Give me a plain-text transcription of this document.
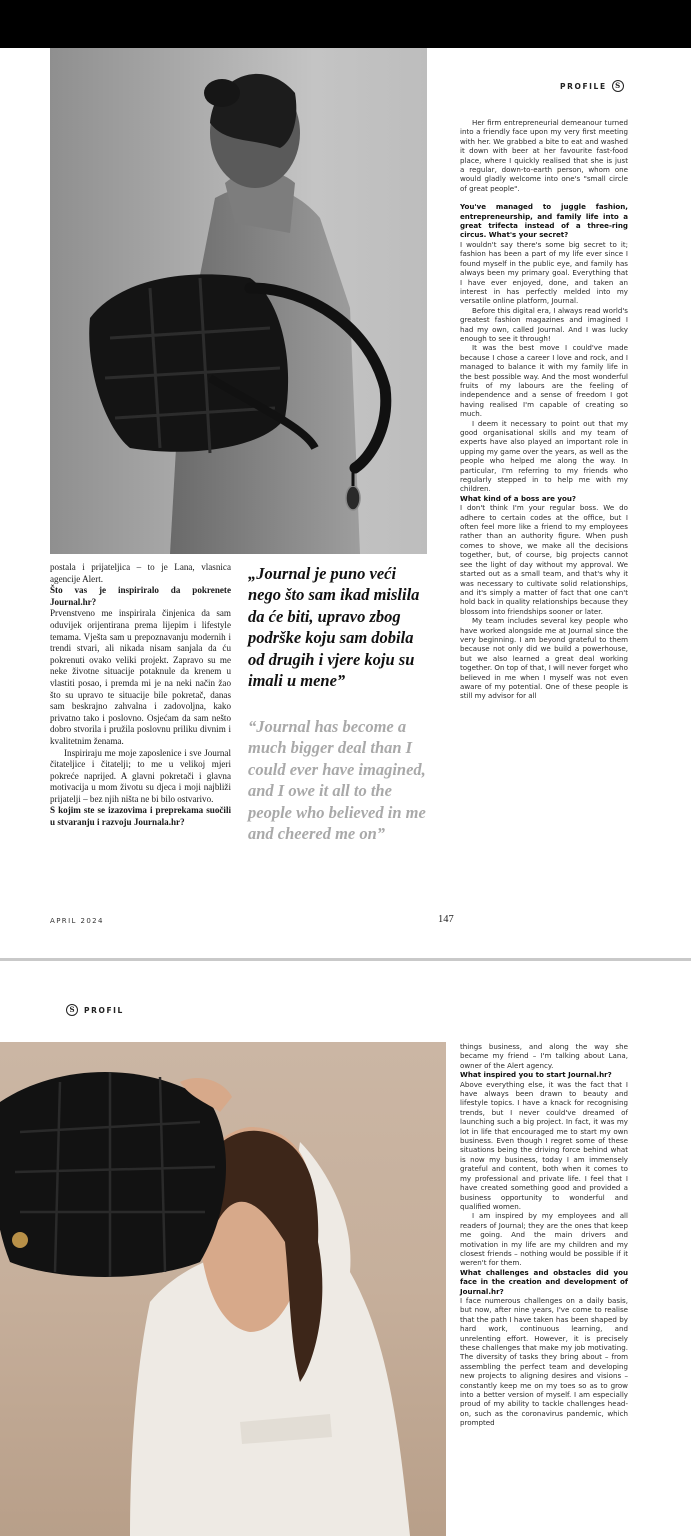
PROFILE	S

Her firm entrepreneurial demeanour turned into a friendly face upon my very first meeting with her. We grabbed a bite to eat and washed it down with beer at her favourite fast-food place, where I quickly realised that she is just a regular, down-to-earth person, whom one would gladly welcome into one's "small circle of great people".

You've managed to juggle fashion, entrepreneurship, and family life into a great trifecta instead of a three-ring circus. What's your secret?

I wouldn't say there's some big secret to it; fashion has been a part of my life ever since I found myself in the public eye, and family has always been my primary goal. Everything that I have ever enjoyed, done, and taken an interest in has perfectly melded into my versatile online platform, Journal.

Before this digital era, I always read world's greatest fashion magazines and imagined I had my own, called Journal. And I was lucky enough to see it through!

It was the best move I could've made because I chose a career I love and rock, and I managed to balance it with my family life in the best possible way. And the most wonderful fruits of my labours are the feeling of independence and a sense of freedom I got having realised I'm capable of creating so much.

I deem it necessary to point out that my good organisational skills and my team of experts have also played an important role in upping my game over the years, as well as the people who helped me along the way. In particular, I'm referring to my friends who regularly stepped in to help me with my children.

What kind of a boss are you?

I don't think I'm your regular boss. We do adhere to certain codes at the office, but I often feel more like a friend to my employees rather than an authority figure. When push comes to shove, we make all the decisions together, but, of course, big projects cannot see the light of day without my approval. We started out as a small team, and that's why it was necessary to cultivate solid relationships, and it's simply a matter of fact that one can't hold back in quality relationships because they blossom into friendships sooner or later.

My team includes several key people who have worked alongside me at Journal since the very beginning. I am beyond grateful to them because not only did we build a powerhouse, but we also learned a great deal working together. On top of that, I will never forget who believed in me when I myself was not even aware of my potential. One of these people is still my advisor for all

postala i prijateljica – to je Lana, vlasnica agencije Alert.

Što vas je inspiriralo da pokrenete Journal.hr?

Prvenstveno me inspirirala činjenica da sam oduvijek orijentirana prema lijepim i lifestyle temama. Vješta sam u prepoznavanju modernih i trendi stvari, ali nikada nisam sanjala da ću pokrenuti ovako veliki projekt. Zapravo su me neke životne situacije potaknule da krenem u vlastiti posao, i premda mi je na neki način žao što su upravo te situacije bile pokretač, danas sam beskrajno zahvalna i zadovoljna, kako privatno tako i poslovno. Osjećam da sam nešto dobro stvorila i pružila poslovnu priliku divnim i kvalitetnim ženama.

Inspiriraju me moje zaposlenice i sve Journal čitateljice i čitatelji; to me u velikoj mjeri pokreće naprijed. A glavni pokretači i glavna motivacija u mom životu su djeca i moji najbliži prijatelji – bez njih ništa ne bi bilo ostvarivo.

S kojim ste se izazovima i preprekama suočili u stvaranju i razvoju Journala.hr?

„Journal je puno veći nego što sam ikad mislila da će biti, upravo zbog podrške koju sam dobila od drugih i vjere koju su imali u mene”
“Journal has become a much bigger deal than I could ever have imagined, and I owe it all to the people who believed in me and cheered me on”
APRIL 2024	147
S	PROFIL

things business, and along the way she became my friend – I'm talking about Lana, owner of the Alert agency.

What inspired you to start Journal.hr?

Above everything else, it was the fact that I have always been drawn to beauty and lifestyle topics. I have a knack for recognising trends, but I never could've dreamed of launching such a big project. In fact, it was my lot in life that encouraged me to start my own business. Even though I regret some of these situations being the driving force behind what is now my business, today I am immensely grateful and content, both when it comes to my professional and private life. I feel that I have created something good and provided a business opportunity to wonderful and qualified women.

I am inspired by my employees and all readers of Journal; they are the ones that keep me going. And the main drivers and motivation in my life are my children and my closest friends – nothing would be possible if it weren't for them.

What challenges and obstacles did you face in the creation and development of Journal.hr?

I face numerous challenges on a daily basis, but now, after nine years, I've come to realise that the path I have taken has been shaped by hard work, continuous learning, and unrelenting effort. However, it is precisely these challenges that make my job motivating. The diversity of tasks they bring about – from assembling the perfect team and developing new projects to aligning desires and visions – constantly keep me on my toes so as to grow into a better version of myself. I am especially proud of my ability to tackle challenges head-on, such as the coronavirus pandemic, which prompted
